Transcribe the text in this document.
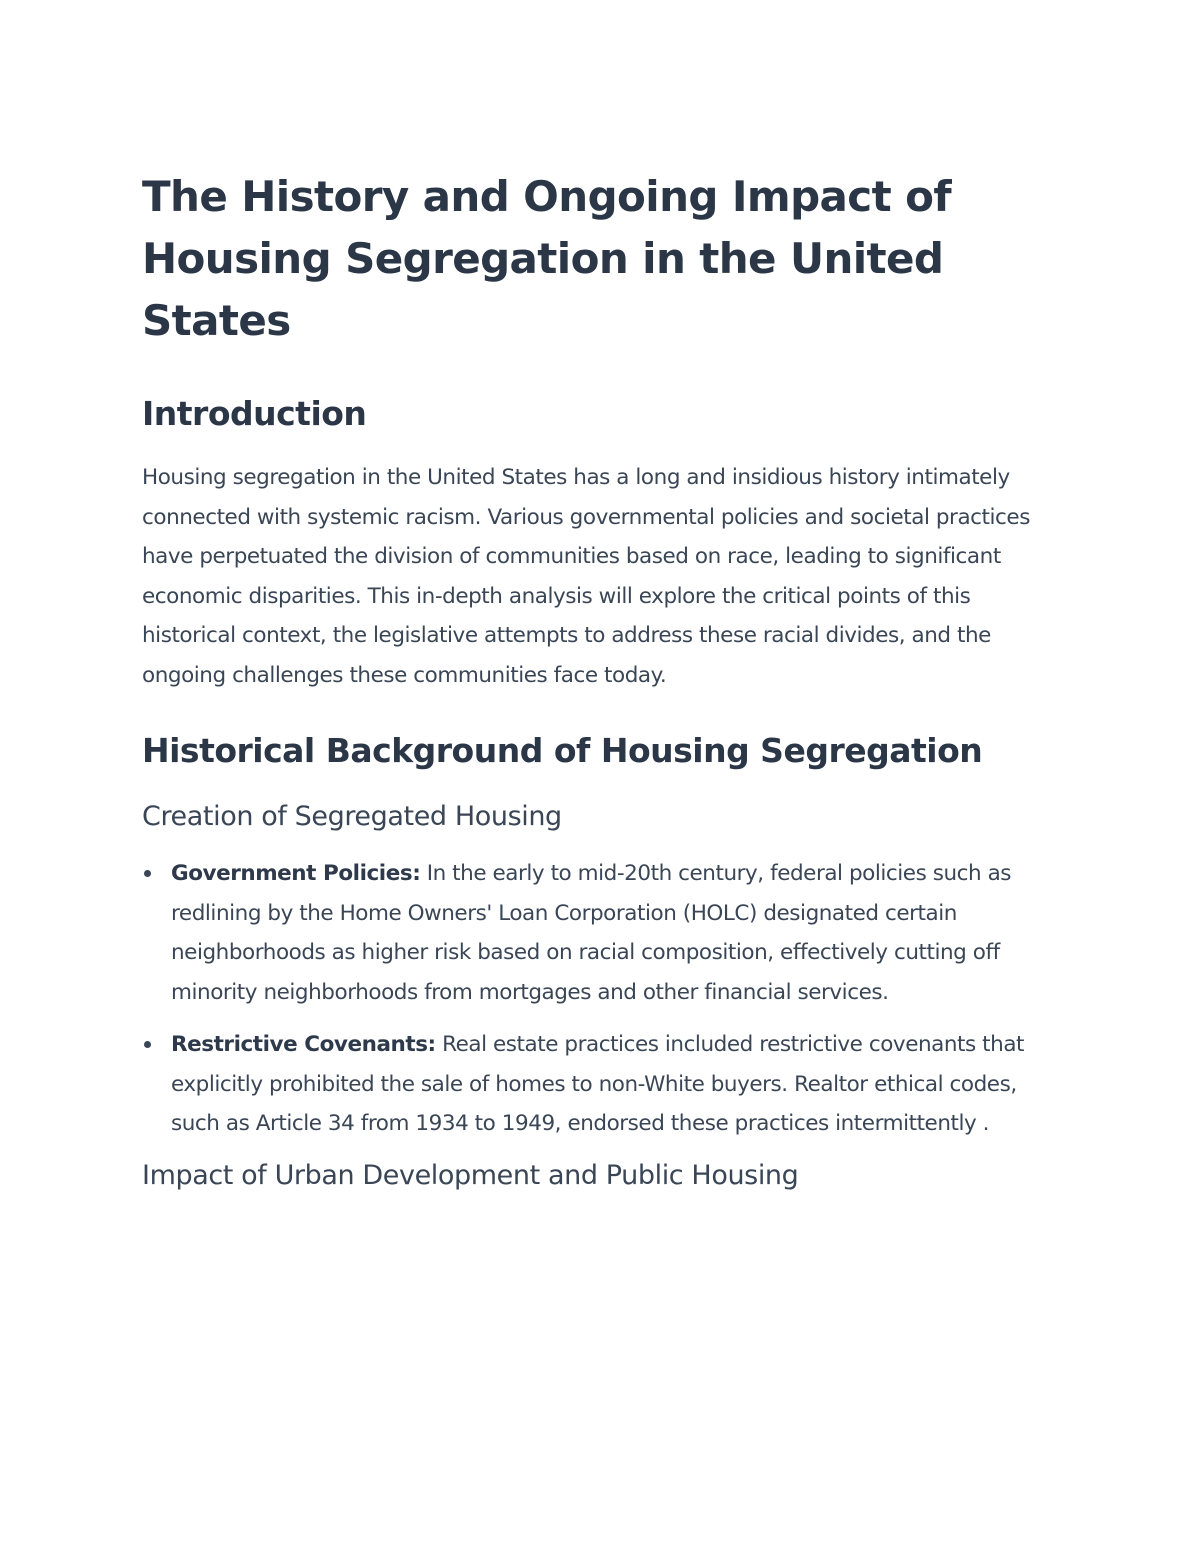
The History and Ongoing Impact of Housing Segregation in the United States
Introduction

Housing segregation in the United States has a long and insidious history intimately connected with systemic racism. Various governmental policies and societal practices have perpetuated the division of communities based on race, leading to significant economic disparities. This in-depth analysis will explore the critical points of this historical context, the legislative attempts to address these racial divides, and the ongoing challenges these communities face today.

Historical Background of Housing Segregation
Creation of Segregated Housing
Government Policies: In the early to mid-20th century, federal policies such as redlining by the Home Owners' Loan Corporation (HOLC) designated certain neighborhoods as higher risk based on racial composition, effectively cutting off minority neighborhoods from mortgages and other financial services.
Restrictive Covenants: Real estate practices included restrictive covenants that explicitly prohibited the sale of homes to non-White buyers. Realtor ethical codes, such as Article 34 from 1934 to 1949, endorsed these practices intermittently .
Impact of Urban Development and Public Housing
